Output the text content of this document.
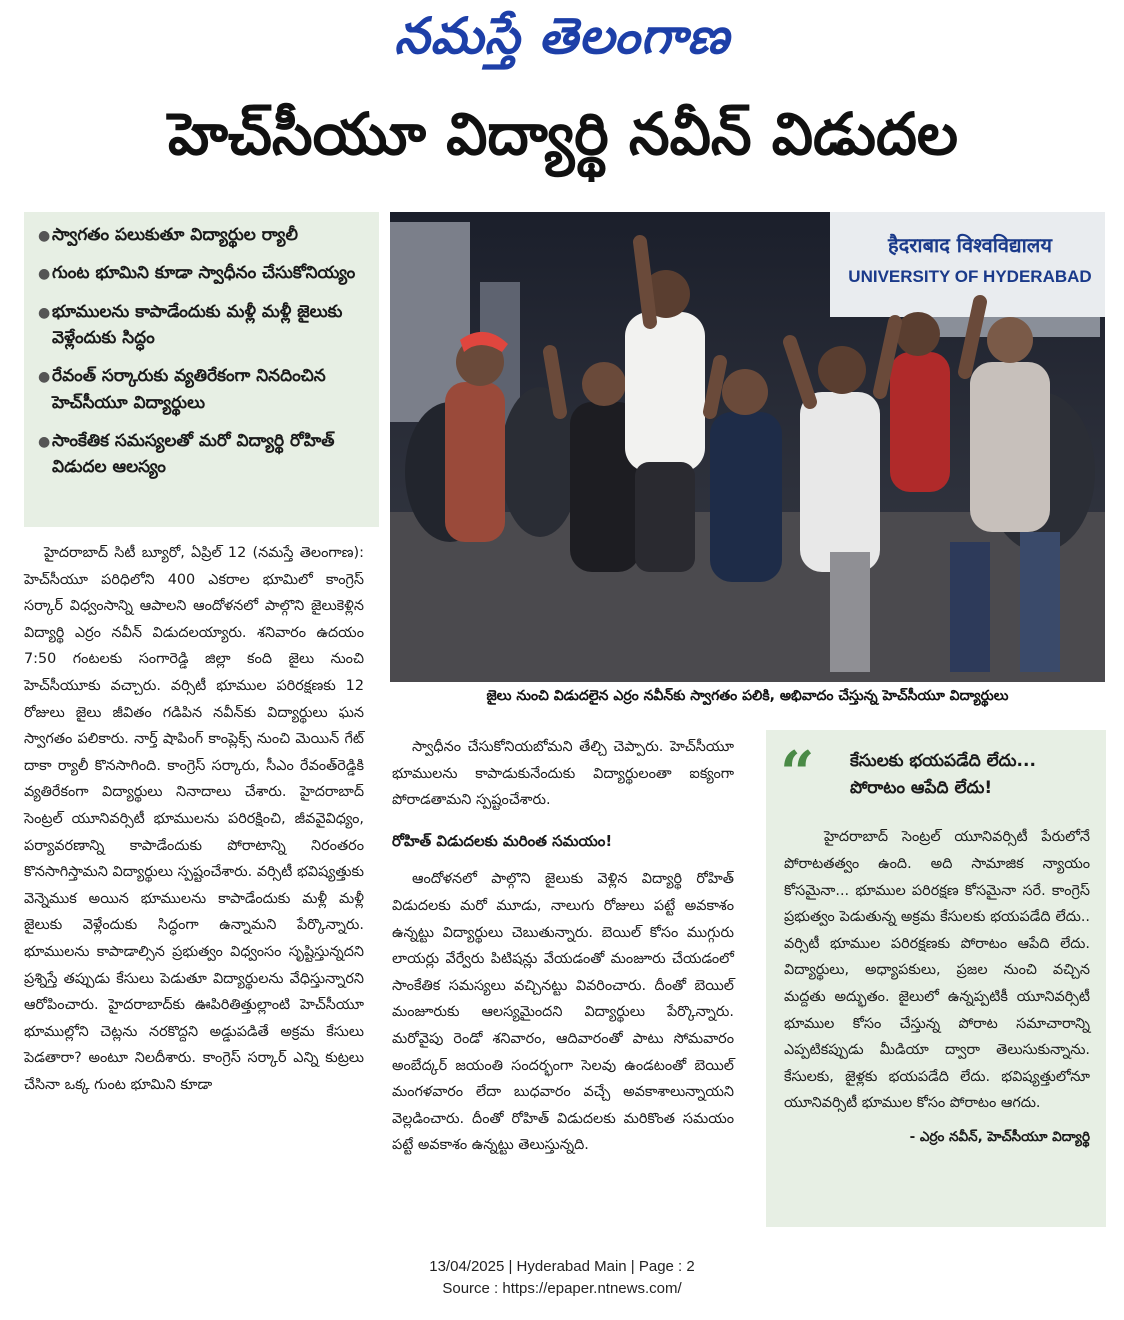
నమస్తే తెలంగాణ
హెచ్‌సీయూ విద్యార్థి నవీన్ విడుదల
● స్వాగతం పలుకుతూ విద్యార్థుల ర్యాలీ
● గుంట భూమిని కూడా స్వాధీనం చేసుకోనియ్యం
● భూములను కాపాడేందుకు మళ్లీ మళ్లీ జైలుకు వెళ్లేందుకు సిద్ధం
● రేవంత్ సర్కారుకు వ్యతిరేకంగా నినదించిన హెచ్‌సీయూ విద్యార్థులు
● సాంకేతిక సమస్యలతో మరో విద్యార్థి రోహిత్ విడుదల ఆలస్యం
हैदराबाद विश्वविद्यालय
UNIVERSITY OF HYDERABAD
జైలు నుంచి విడుదలైన ఎర్రం నవీన్‌కు స్వాగతం పలికి, అభివాదం చేస్తున్న హెచ్‌సీయూ విద్యార్థులు

హైదరాబాద్ సిటీ బ్యూరో, ఏప్రిల్ 12 (నమస్తే తెలంగాణ): హెచ్‌సీయూ పరిధిలోని 400 ఎకరాల భూమిలో కాంగ్రెస్ సర్కార్ విధ్వంసాన్ని ఆపాలని ఆందోళనలో పాల్గొని జైలుకెళ్లిన విద్యార్థి ఎర్రం నవీన్ విడుదలయ్యారు. శనివారం ఉదయం 7:50 గంటలకు సంగారెడ్డి జిల్లా కంది జైలు నుంచి హెచ్‌సీయూకు వచ్చారు. వర్సిటీ భూముల పరిరక్షణకు 12 రోజులు జైలు జీవితం గడిపిన నవీన్‌కు విద్యార్థులు ఘన స్వాగతం పలికారు. నార్త్ షాపింగ్ కాంప్లెక్స్ నుంచి మెయిన్ గేట్ దాకా ర్యాలీ కొనసాగింది. కాంగ్రెస్ సర్కారు, సీఎం రేవంత్‌రెడ్డికి వ్యతిరేకంగా విద్యార్థులు నినాదాలు చేశారు. హైదరాబాద్ సెంట్రల్ యూనివర్సిటీ భూములను పరిరక్షించి, జీవవైవిధ్యం, పర్యావరణాన్ని కాపాడేందుకు పోరాటాన్ని నిరంతరం కొనసాగిస్తామని విద్యార్థులు స్పష్టంచేశారు. వర్సిటీ భవిష్యత్తుకు వెన్నెముక అయిన భూములను కాపాడేందుకు మళ్లీ మళ్లీ జైలుకు వెళ్లేందుకు సిద్ధంగా ఉన్నామని పేర్కొన్నారు. భూములను కాపాడాల్సిన ప్రభుత్వం విధ్వంసం సృష్టిస్తున్నదని ప్రశ్నిస్తే తప్పుడు కేసులు పెడుతూ విద్యార్థులను వేధిస్తున్నారని ఆరోపించారు. హైదరాబాద్‌కు ఊపిరితిత్తుల్లాంటి హెచ్‌సీయూ భూముల్లోని చెట్లను నరకొద్దని అడ్డుపడితే అక్రమ కేసులు పెడతారా? అంటూ నిలదీశారు. కాంగ్రెస్ సర్కార్ ఎన్ని కుట్రలు చేసినా ఒక్క గుంట భూమిని కూడా

స్వాధీనం చేసుకోనియబోమని తేల్చి చెప్పారు. హెచ్‌సీయూ భూములను కాపాడుకునేందుకు విద్యార్థులంతా ఐక్యంగా పోరాడతామని స్పష్టంచేశారు.

రోహిత్ విడుదలకు మరింత సమయం!

ఆందోళనలో పాల్గొని జైలుకు వెళ్లిన విద్యార్థి రోహిత్ విడుదలకు మరో మూడు, నాలుగు రోజులు పట్టే అవకాశం ఉన్నట్టు విద్యార్థులు చెబుతున్నారు. బెయిల్ కోసం ముగ్గురు లాయర్లు వేర్వేరు పిటిషన్లు వేయడంతో మంజూరు చేయడంలో సాంకేతిక సమస్యలు వచ్చినట్టు వివరించారు. దీంతో బెయిల్ మంజూరుకు ఆలస్యమైందని విద్యార్థులు పేర్కొన్నారు. మరోవైపు రెండో శనివారం, ఆదివారంతో పాటు సోమవారం అంబేద్కర్ జయంతి సందర్భంగా సెలవు ఉండటంతో బెయిల్ మంగళవారం లేదా బుధవారం వచ్చే అవకాశాలున్నాయని వెల్లడించారు. దీంతో రోహిత్ విడుదలకు మరికొంత సమయం పట్టే అవకాశం ఉన్నట్టు తెలుస్తున్నది.

“ కేసులకు భయపడేది లేదు...
పోరాటం ఆపేది లేదు!

హైదరాబాద్ సెంట్రల్ యూనివర్సిటీ పేరులోనే పోరాటతత్వం ఉంది. అది సామాజిక న్యాయం కోసమైనా... భూముల పరిరక్షణ కోసమైనా సరే. కాంగ్రెస్ ప్రభుత్వం పెడుతున్న అక్రమ కేసులకు భయపడేది లేదు.. వర్సిటీ భూముల పరిరక్షణకు పోరాటం ఆపేది లేదు. విద్యార్థులు, అధ్యాపకులు, ప్రజల నుంచి వచ్చిన మద్దతు అద్భుతం. జైలులో ఉన్నప్పటికీ యూనివర్సిటీ భూముల కోసం చేస్తున్న పోరాట సమాచారాన్ని ఎప్పటికప్పుడు మీడియా ద్వారా తెలుసుకున్నాను. కేసులకు, జైళ్లకు భయపడేది లేదు. భవిష్యత్తులోనూ యూనివర్సిటీ భూముల కోసం పోరాటం ఆగదు.

- ఎర్రం నవీన్, హెచ్‌సీయూ విద్యార్థి
13/04/2025 | Hyderabad Main | Page : 2
Source : https://epaper.ntnews.com/
